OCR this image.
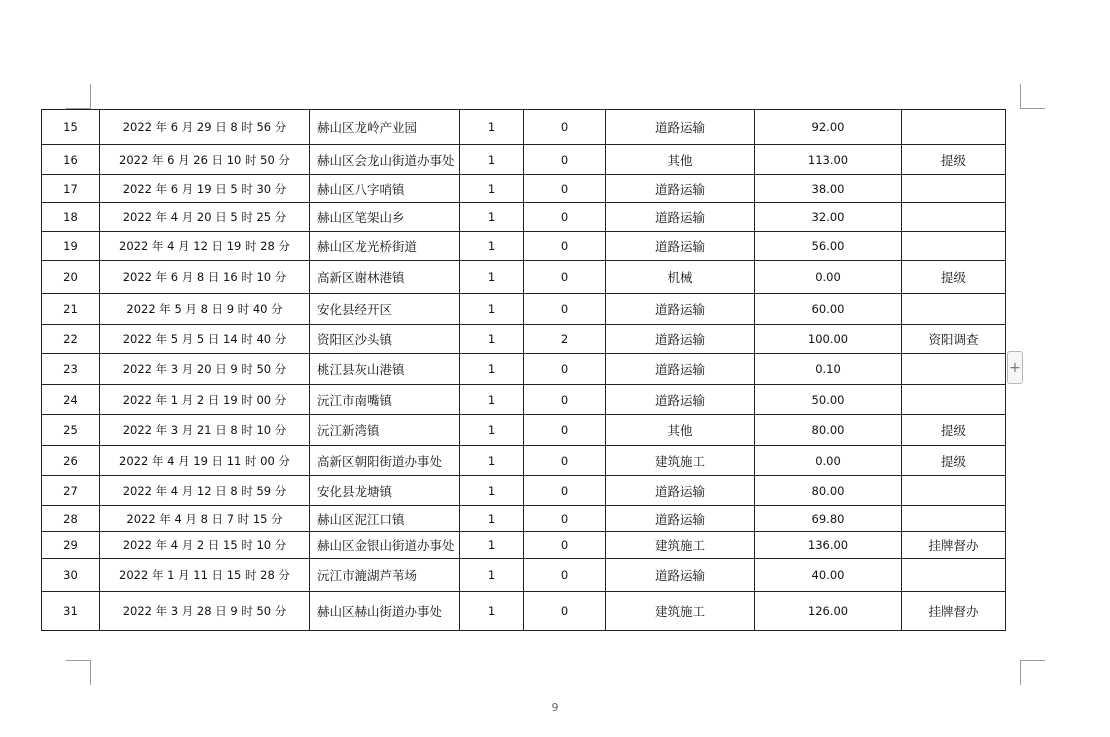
15	2022 年 6 月 29 日 8 时 56 分	赫山区龙岭产业园	1	0	道路运输	92.00	
16	2022 年 6 月 26 日 10 时 50 分	赫山区会龙山街道办事处	1	0	其他	113.00	提级
17	2022 年 6 月 19 日 5 时 30 分	赫山区八字哨镇	1	0	道路运输	38.00	
18	2022 年 4 月 20 日 5 时 25 分	赫山区笔架山乡	1	0	道路运输	32.00	
19	2022 年 4 月 12 日 19 时 28 分	赫山区龙光桥街道	1	0	道路运输	56.00	
20	2022 年 6 月 8 日 16 时 10 分	高新区谢林港镇	1	0	机械	0.00	提级
21	2022 年 5 月 8 日 9 时 40 分	安化县经开区	1	0	道路运输	60.00	
22	2022 年 5 月 5 日 14 时 40 分	资阳区沙头镇	1	2	道路运输	100.00	资阳调查
23	2022 年 3 月 20 日 9 时 50 分	桃江县灰山港镇	1	0	道路运输	0.10	
24	2022 年 1 月 2 日 19 时 00 分	沅江市南嘴镇	1	0	道路运输	50.00	
25	2022 年 3 月 21 日 8 时 10 分	沅江新湾镇	1	0	其他	80.00	提级
26	2022 年 4 月 19 日 11 时 00 分	高新区朝阳街道办事处	1	0	建筑施工	0.00	提级
27	2022 年 4 月 12 日 8 时 59 分	安化县龙塘镇	1	0	道路运输	80.00	
28	2022 年 4 月 8 日 7 时 15 分	赫山区泥江口镇	1	0	道路运输	69.80	
29	2022 年 4 月 2 日 15 时 10 分	赫山区金银山街道办事处	1	0	建筑施工	136.00	挂牌督办
30	2022 年 1 月 11 日 15 时 28 分	沅江市漉湖芦苇场	1	0	道路运输	40.00	
31	2022 年 3 月 28 日 9 时 50 分	赫山区赫山街道办事处	1	0	建筑施工	126.00	挂牌督办
+
9
